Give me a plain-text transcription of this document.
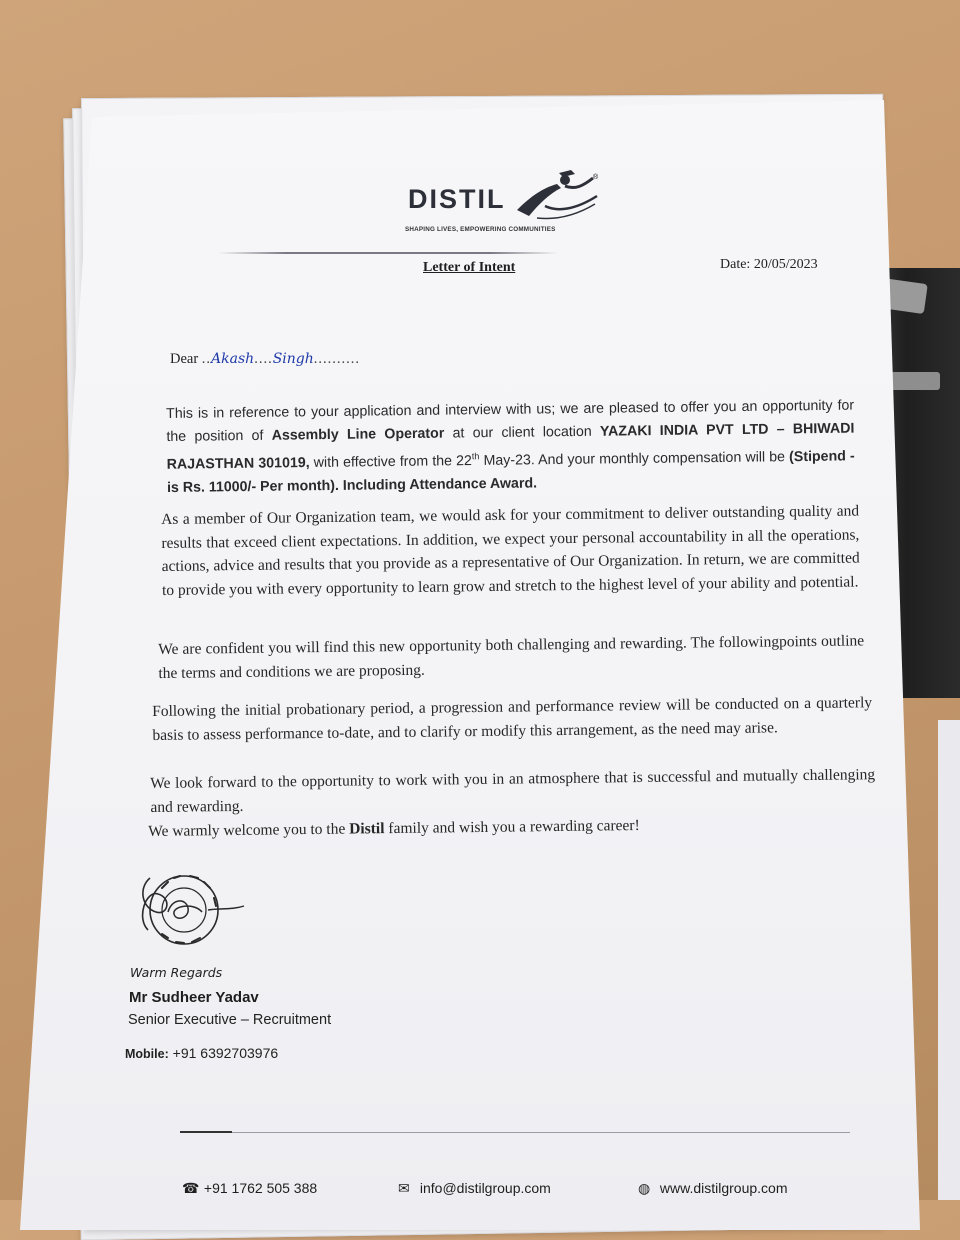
DISTIL
®
SHAPING LIVES, EMPOWERING COMMUNITIES
Letter of Intent	Date: 20/05/2023
Dear ..Akash....Singh..........
This is in reference to your application and interview with us; we are pleased to offer you an opportunity for the position of Assembly Line Operator at our client location YAZAKI INDIA PVT LTD – BHIWADI RAJASTHAN 301019, with effective from the 22th May-23. And your monthly compensation will be (Stipend - is Rs. 11000/- Per month). Including Attendance Award.
As a member of Our Organization team, we would ask for your commitment to deliver outstanding quality and results that exceed client expectations. In addition, we expect your personal accountability in all the operations, actions, advice and results that you provide as a representative of Our Organization. In return, we are committed to provide you with every opportunity to learn grow and stretch to the highest level of your ability and potential.
We are confident you will find this new opportunity both challenging and rewarding. The followingpoints outline the terms and conditions we are proposing.
Following the initial probationary period, a progression and performance review will be conducted on a quarterly basis to assess performance to-date, and to clarify or modify this arrangement, as the need may arise.
We look forward to the opportunity to work with you in an atmosphere that is successful and mutually challenging and rewarding.
We warmly welcome you to the Distil family and wish you a rewarding career!
Warm Regards
Mr Sudheer Yadav
Senior Executive – Recruitment
Mobile: +91 6392703976
☎ +91 1762 505 388	✉ info@distilgroup.com	◍ www.distilgroup.com
